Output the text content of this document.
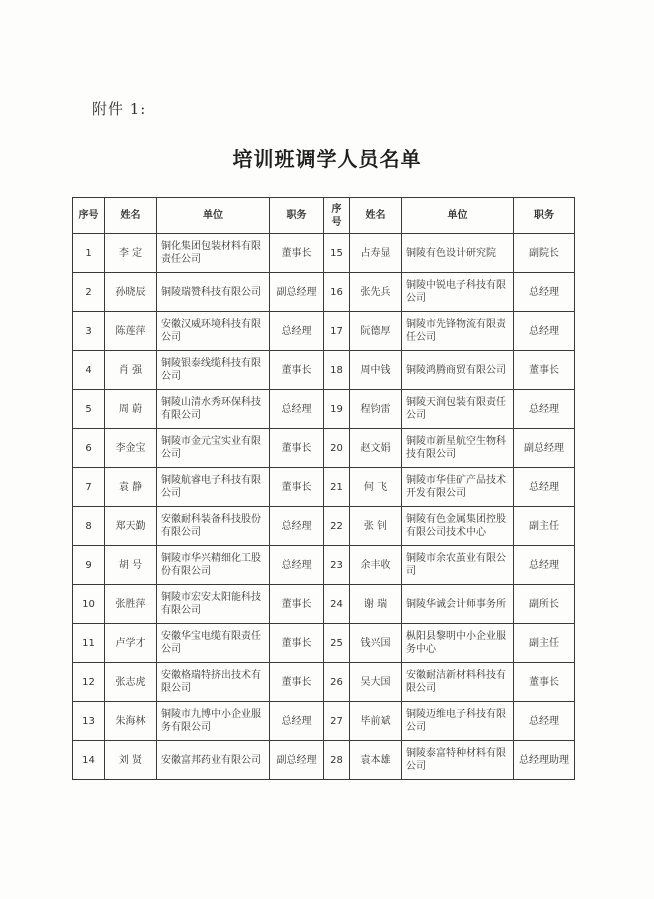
附件 1:
培训班调学人员名单
序号	姓名	单位	职务	序号	姓名	单位	职务
1	李 定	铜化集团包装材料有限责任公司	董事长	15	占寿显	铜陵有色设计研究院	副院长
2	孙晓辰	铜陵瑞赞科技有限公司	副总经理	16	张先兵	铜陵中锐电子科技有限公司	总经理
3	陈莲萍	安徽汉威环境科技有限公司	总经理	17	阮德厚	铜陵市先锋物流有限责任公司	总经理
4	肖 强	铜陵银泰线缆科技有限公司	董事长	18	周中钱	铜陵鸿腾商贸有限公司	董事长
5	周 蔚	铜陵山清水秀环保科技有限公司	总经理	19	程钧雷	铜陵天润包装有限责任公司	总经理
6	李金宝	铜陵市金元宝实业有限公司	董事长	20	赵文娟	铜陵市新星航空生物科技有限公司	副总经理
7	袁 静	铜陵航睿电子科技有限公司	董事长	21	何 飞	铜陵市华佳矿产品技术开发有限公司	总经理
8	郑天勤	安徽耐科装备科技股份有限公司	总经理	22	张 钊	铜陵有色金属集团控股有限公司技术中心	副主任
9	胡 号	铜陵市华兴精细化工股份有限公司	总经理	23	余丰收	铜陵市余农茧业有限公司	总经理
10	张胜萍	铜陵市宏安太阳能科技有限公司	董事长	24	谢 瑞	铜陵华诚会计师事务所	副所长
11	卢学才	安徽华宝电缆有限责任公司	董事长	25	钱兴国	枞阳县黎明中小企业服务中心	副主任
12	张志虎	安徽格瑞特挤出技术有限公司	董事长	26	吴大国	安徽耐洁新材料科技有限公司	董事长
13	朱海林	铜陵市九博中小企业服务有限公司	总经理	27	毕前斌	铜陵迈维电子科技有限公司	总经理
14	刘 贤	安徽富邦药业有限公司	副总经理	28	袁本雄	铜陵泰富特种材料有限公司	总经理助理
